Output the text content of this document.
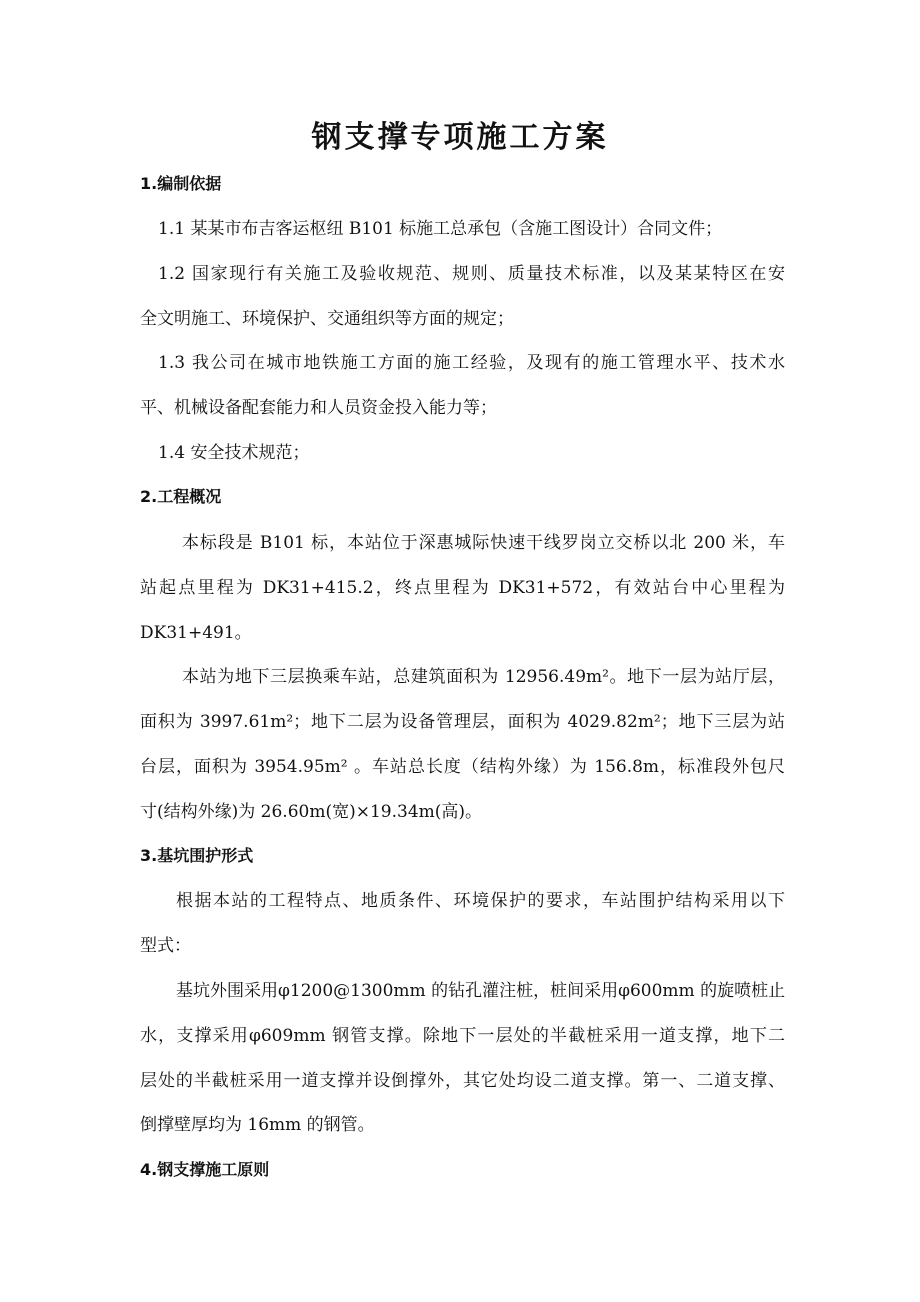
钢支撑专项施工方案
1.编制依据
1.1 某某市布吉客运枢纽 B101 标施工总承包（含施工图设计）合同文件；
1.2 国家现行有关施工及验收规范、规则、质量技术标准，以及某某特区在安
全文明施工、环境保护、交通组织等方面的规定；
1.3 我公司在城市地铁施工方面的施工经验，及现有的施工管理水平、技术水
平、机械设备配套能力和人员资金投入能力等；
1.4 安全技术规范；
2.工程概况
本标段是 B101 标，本站位于深惠城际快速干线罗岗立交桥以北 200 米，车
站起点里程为 DK31+415.2，终点里程为 DK31+572，有效站台中心里程为
DK31+491。
本站为地下三层换乘车站，总建筑面积为 12956.49m²。地下一层为站厅层，
面积为 3997.61m²；地下二层为设备管理层，面积为 4029.82m²；地下三层为站
台层，面积为 3954.95m² 。车站总长度（结构外缘）为 156.8m，标准段外包尺
寸(结构外缘)为 26.60m(宽)×19.34m(高)。
3.基坑围护形式
根据本站的工程特点、地质条件、环境保护的要求，车站围护结构采用以下
型式：
基坑外围采用φ1200@1300mm 的钻孔灌注桩，桩间采用φ600mm 的旋喷桩止
水，支撑采用φ609mm 钢管支撑。除地下一层处的半截桩采用一道支撑，地下二
层处的半截桩采用一道支撑并设倒撑外，其它处均设二道支撑。第一、二道支撑、
倒撑壁厚均为 16mm 的钢管。
4.钢支撑施工原则
